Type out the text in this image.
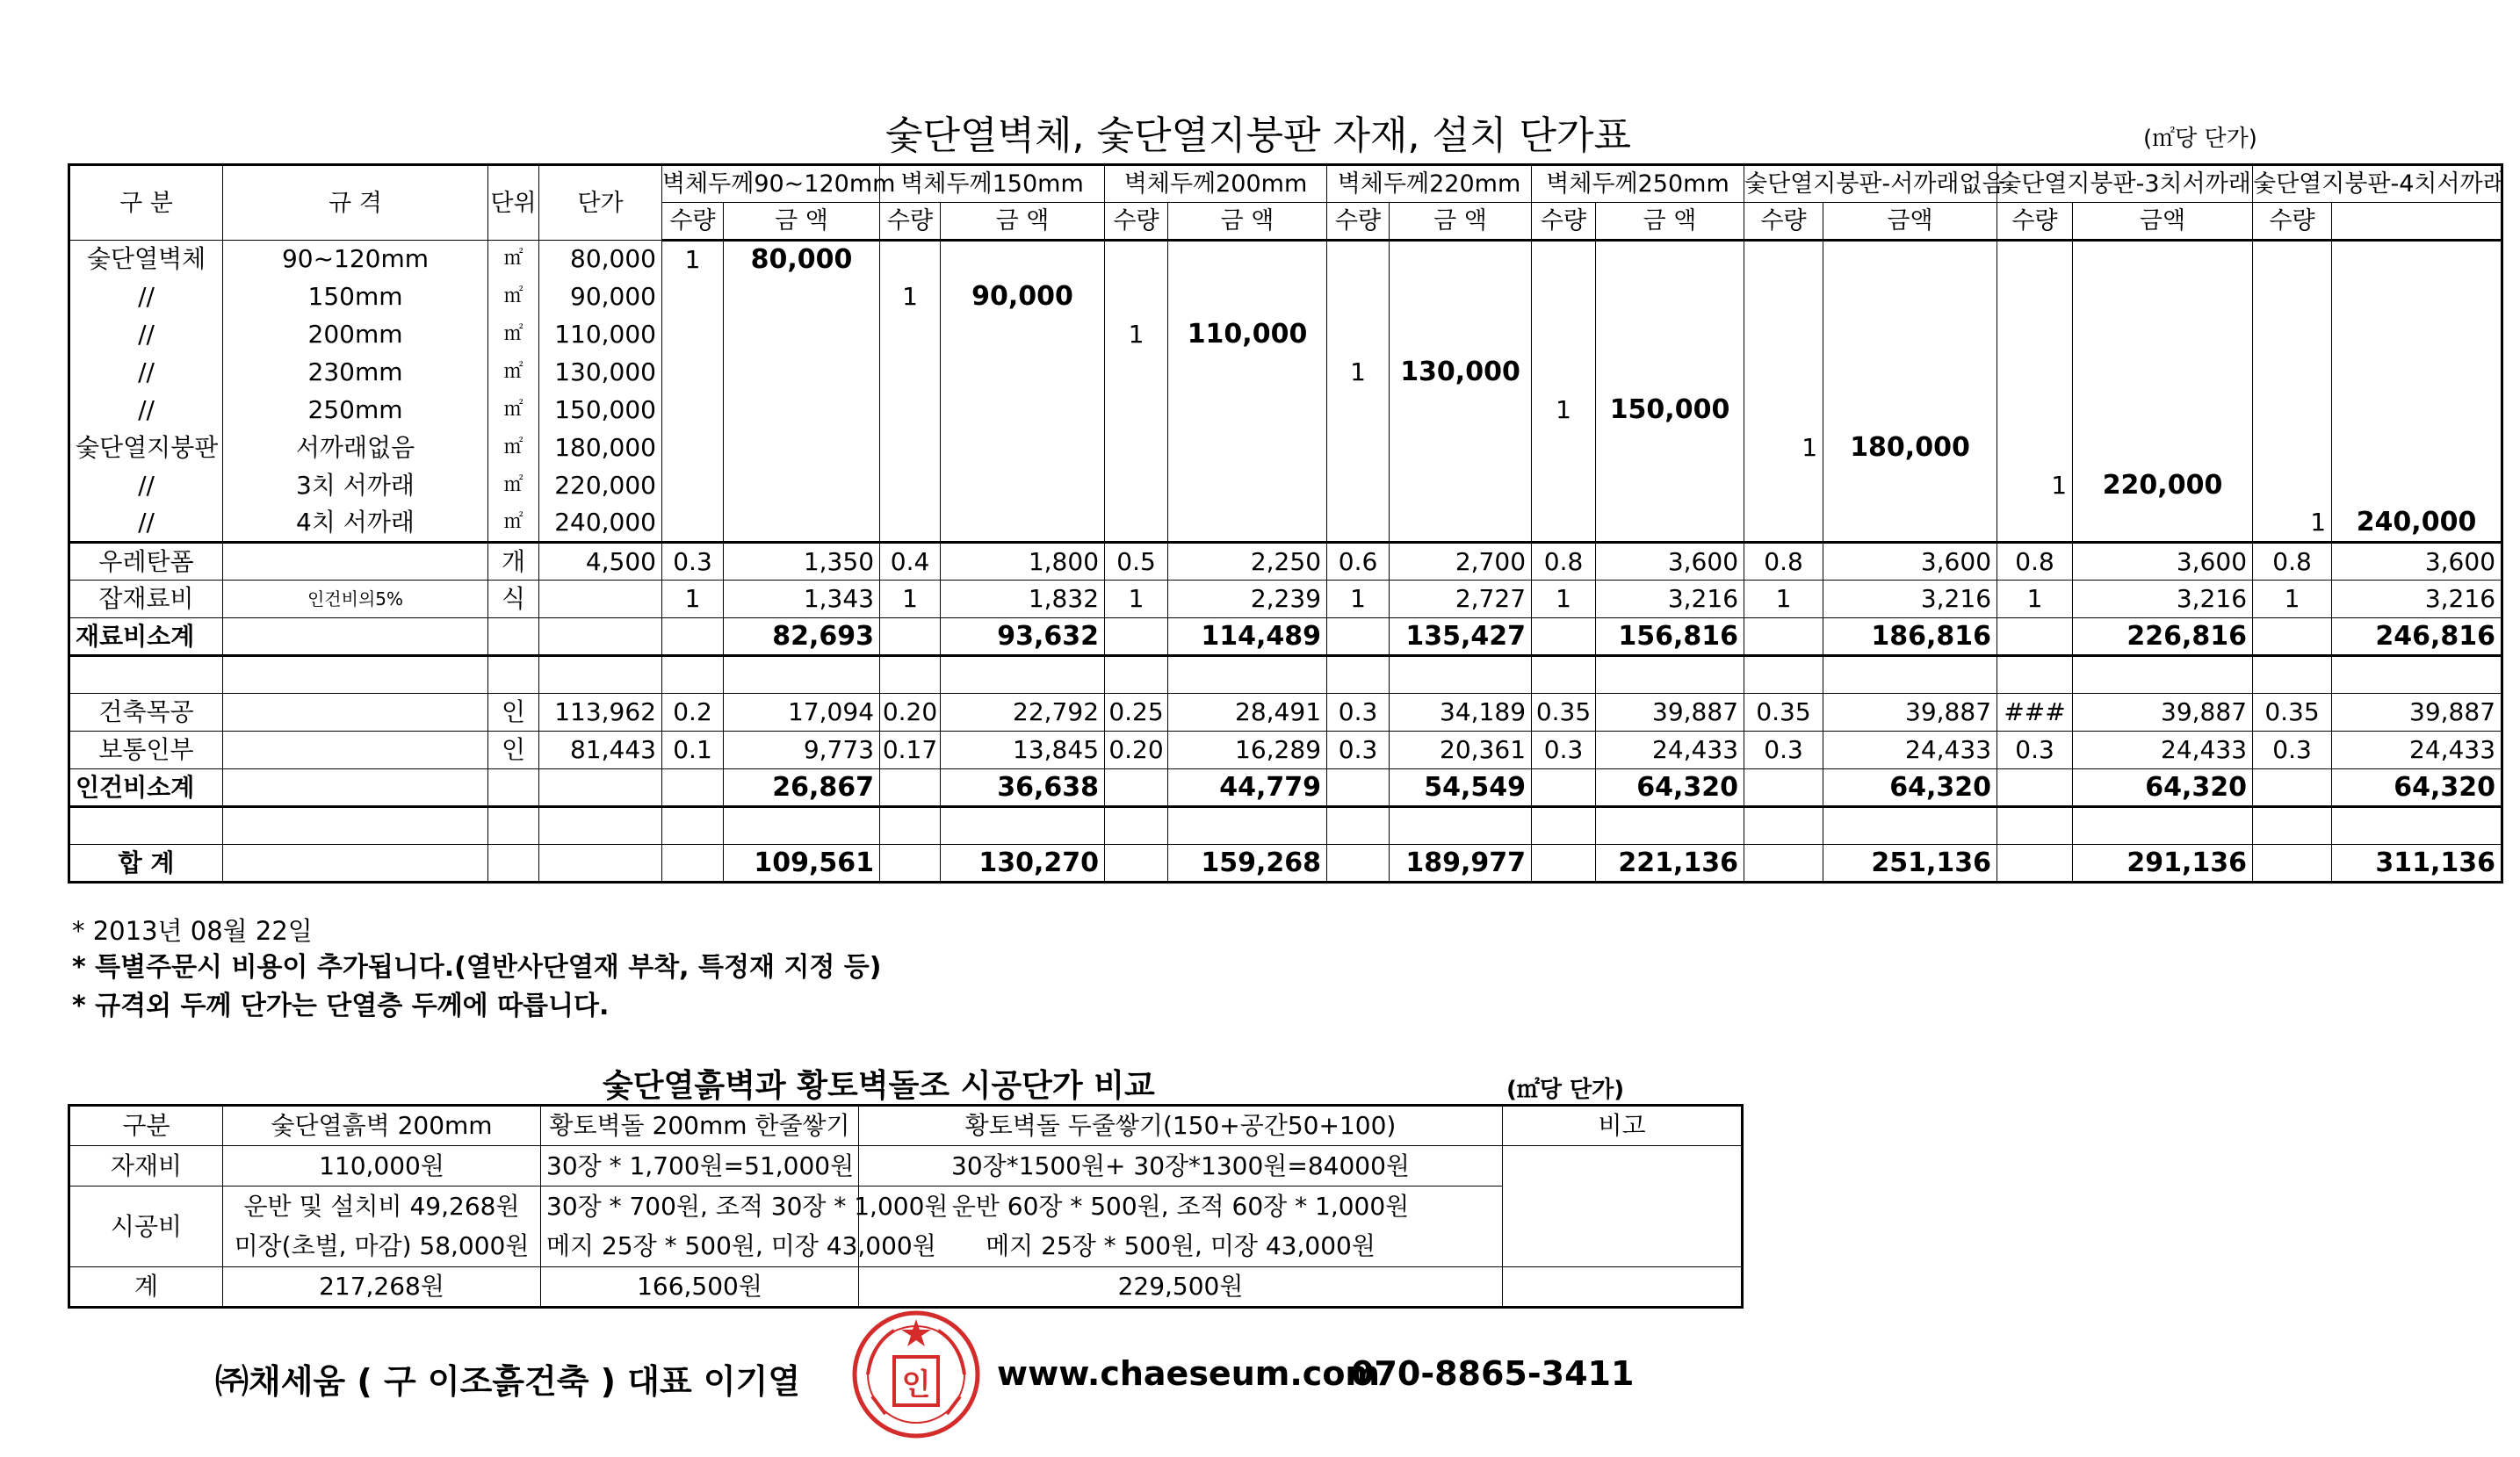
숯단열벽체, 숯단열지붕판 자재, 설치 단가표	(㎡당 단가)
구 분	규 격	단위	단가	벽체두께90~120mm		벽체두께150mm		벽체두께200mm		벽체두께220mm		벽체두께250mm		숯단열지붕판-서까래없음		숯단열지붕판-3치서까래		숯단열지붕판-4치서까래	
				수량	금 액	수량	금 액	수량	금 액	수량	금 액	수량	금 액	수량	금액	수량	금액	수량	
숯단열벽체	90~120mm	㎡	80,000	1	80,000														
//	150mm	㎡	90,000			1	90,000												
//	200mm	㎡	110,000					1	110,000										
//	230mm	㎡	130,000							1	130,000								
//	250mm	㎡	150,000									1	150,000						
숯단열지붕판	서까래없음	㎡	180,000											1	180,000				
//	3치 서까래	㎡	220,000													1	220,000		
//	4치 서까래	㎡	240,000															1	240,000
우레탄폼		개	4,500	0.3	1,350	0.4	1,800	0.5	2,250	0.6	2,700	0.8	3,600	0.8	3,600	0.8	3,600	0.8	3,600
잡재료비	인건비의5%	식		1	1,343	1	1,832	1	2,239	1	2,727	1	3,216	1	3,216	1	3,216	1	3,216
재료비소계					82,693		93,632		114,489		135,427		156,816		186,816		226,816		246,816

건축목공		인	113,962	0.2	17,094	0.20	22,792	0.25	28,491	0.3	34,189	0.35	39,887	0.35	39,887	###	39,887	0.35	39,887
보통인부		인	81,443	0.1	9,773	0.17	13,845	0.20	16,289	0.3	20,361	0.3	24,433	0.3	24,433	0.3	24,433	0.3	24,433
인건비소계					26,867		36,638		44,779		54,549		64,320		64,320		64,320		64,320

합 계					109,561		130,270		159,268		189,977		221,136		251,136		291,136		311,136
* 2013년 08월 22일
* 특별주문시 비용이 추가됩니다.(열반사단열재 부착, 특정재 지정 등)
* 규격외 두께 단가는 단열층 두께에 따릅니다.
숯단열흙벽과 황토벽돌조 시공단가 비교	(㎡당 단가)
구분	숯단열흙벽 200mm	황토벽돌 200mm 한줄쌓기	황토벽돌 두줄쌓기(150+공간50+100)	비고
자재비	110,000원	30장 * 1,700원=51,000원	30장*1500원+ 30장*1300원=84000원	
시공비	운반 및 설치비 49,268원	30장 * 700원, 조적 30장 * 1,000원	운반 60장 * 500원, 조적 60장 * 1,000원	
	미장(초벌, 마감) 58,000원	메지 25장 * 500원, 미장 43,000원	메지 25장 * 500원, 미장 43,000원	
계	217,268원	166,500원	229,500원	
㈜채세움 ( 구 이조흙건축 ) 대표 이기열	인 www.chaeseum.com
070-8865-3411
